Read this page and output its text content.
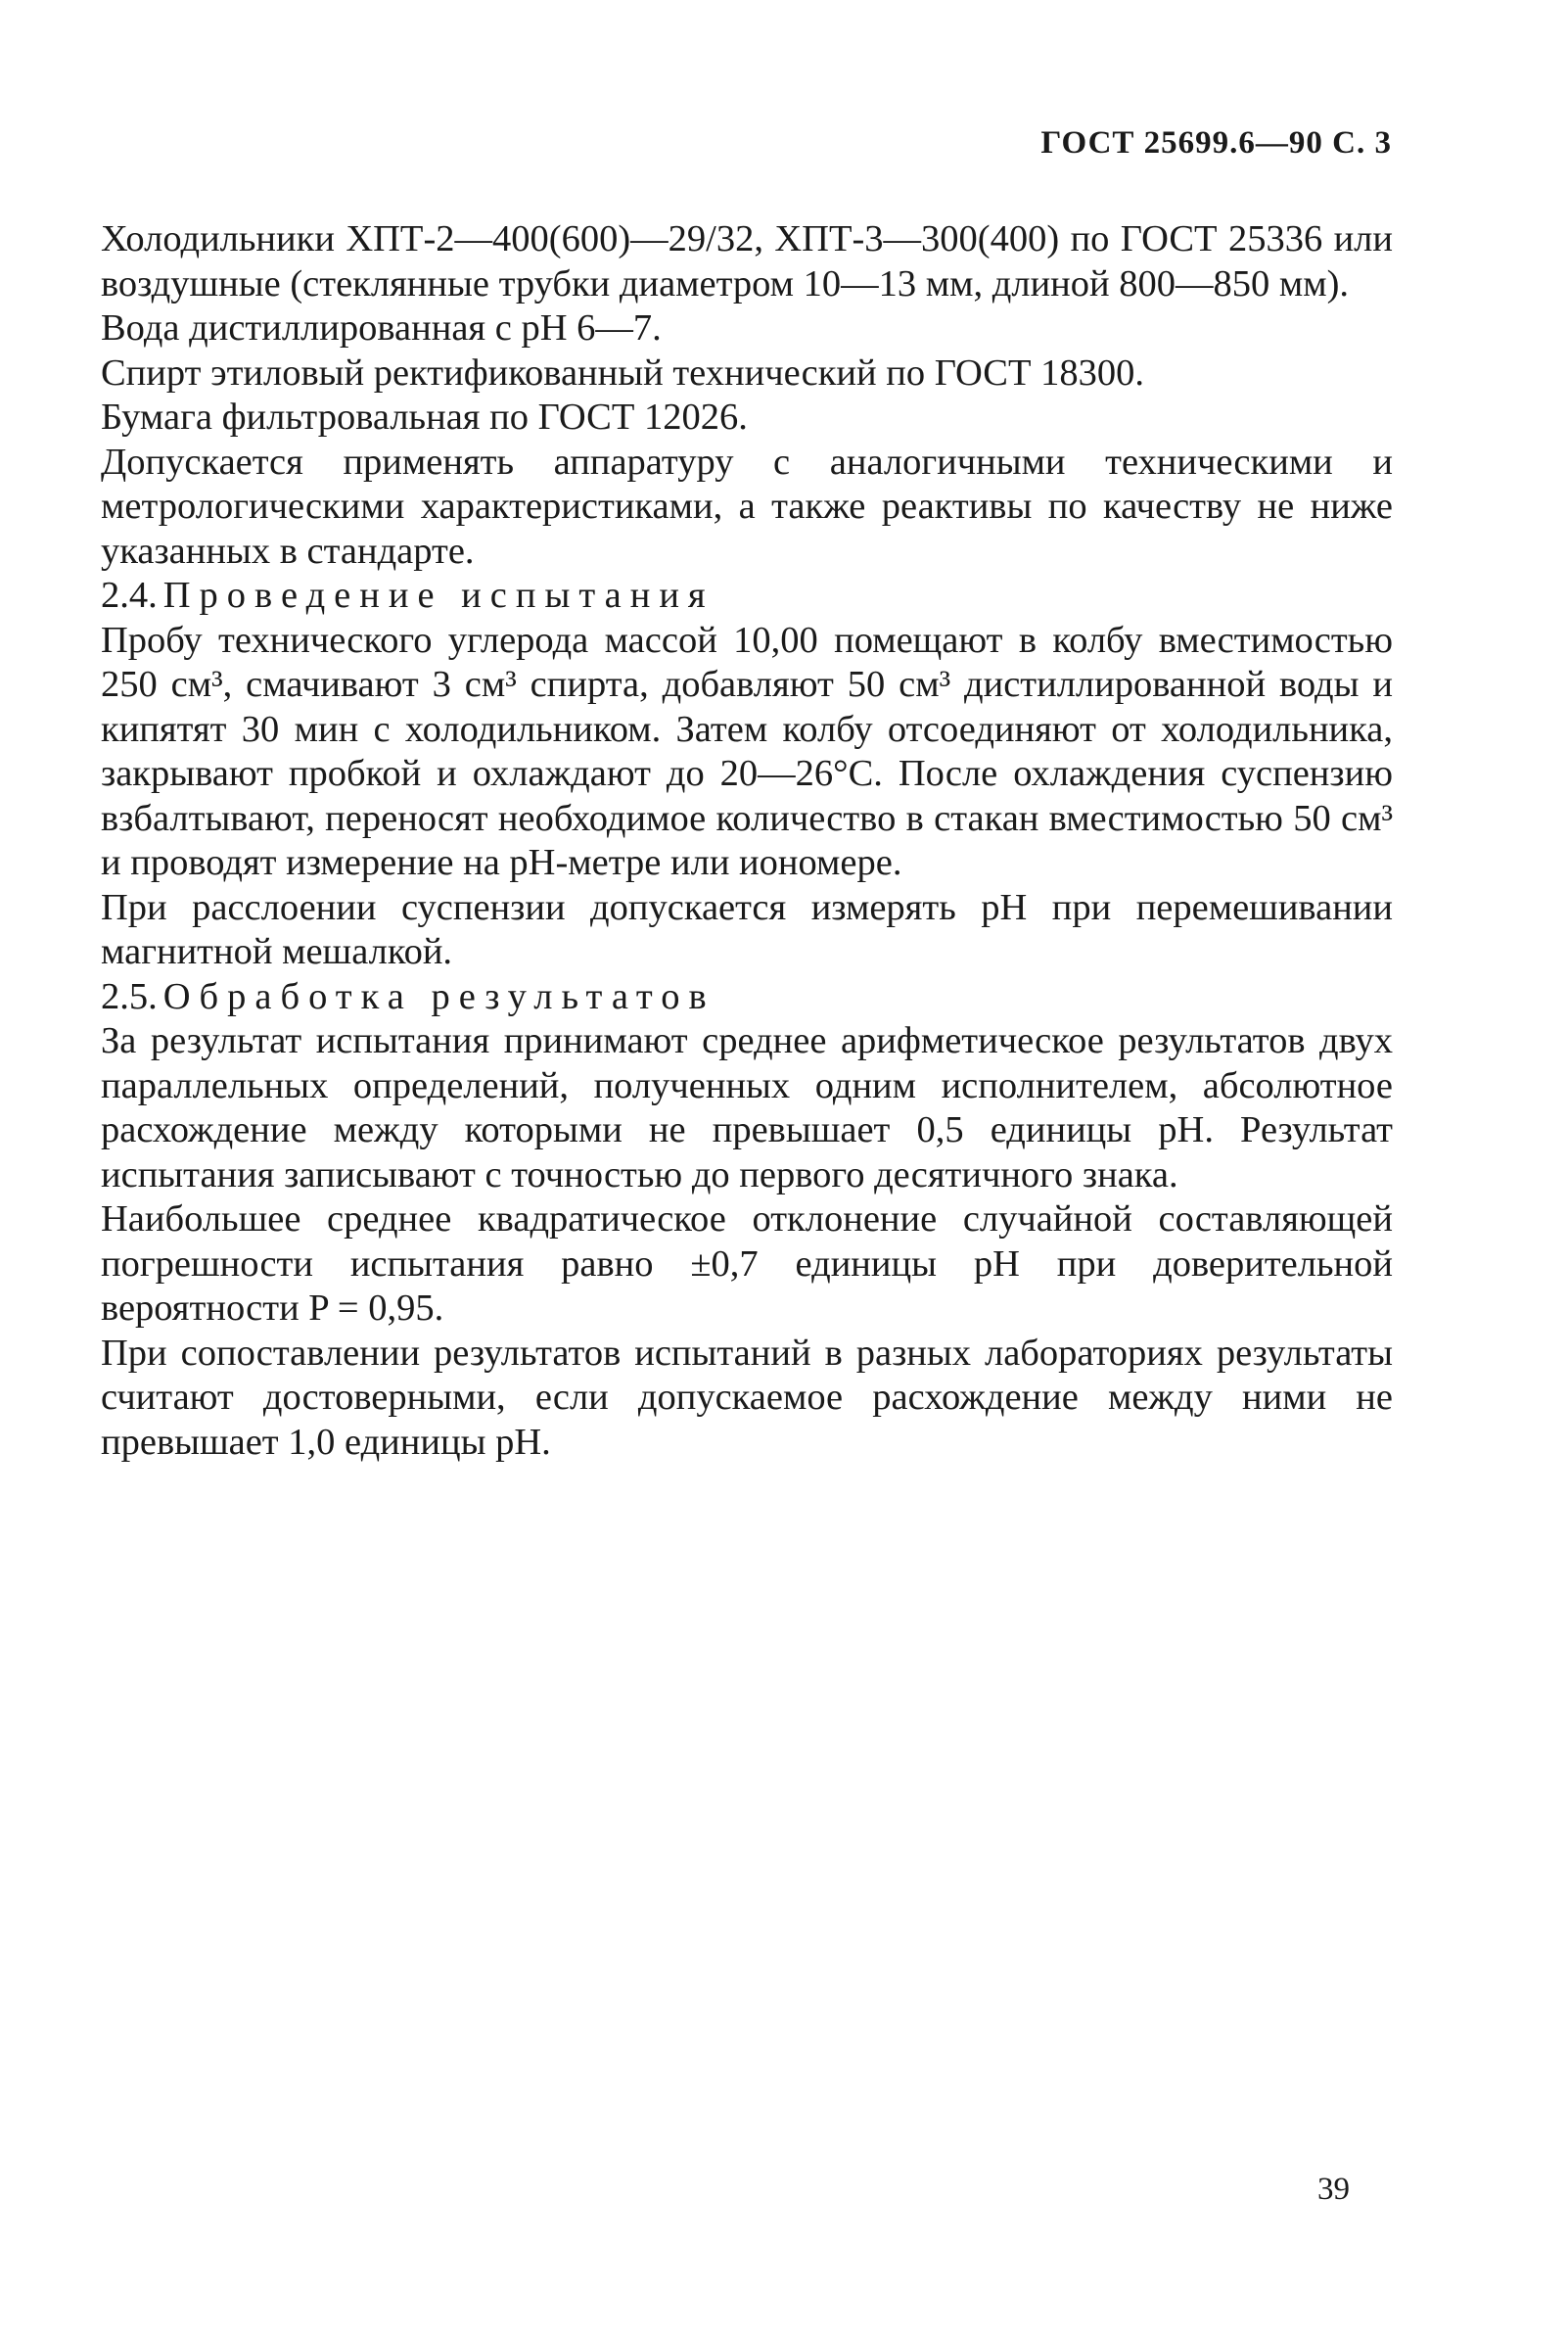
ГОСТ 25699.6—90 С. 3

Холодильники ХПТ-2—400(600)—29/32, ХПТ-3—300(400) по ГОСТ 25336 или воздушные (стеклянные трубки диаметром 10—13 мм, длиной 800—850 мм).

Вода дистиллированная с pH 6—7.

Спирт этиловый ректификованный технический по ГОСТ 18300.

Бумага фильтровальная по ГОСТ 12026.

Допускается применять аппаратуру с аналогичными техническими и метрологическими характеристиками, а также реактивы по качеству не ниже указанных в стандарте.

2.4. Проведение испытания

Пробу технического углерода массой 10,00 помещают в колбу вместимостью 250 см³, смачивают 3 см³ спирта, добавляют 50 см³ дистиллированной воды и кипятят 30 мин с холодильником. Затем колбу отсоединяют от холодильника, закрывают пробкой и охлаждают до 20—26°С. После охлаждения суспензию взбалтывают, переносят необходимое количество в стакан вместимостью 50 см³ и проводят измерение на pH-метре или иономере.

При расслоении суспензии допускается измерять pH при перемешивании магнитной мешалкой.

2.5. Обработка результатов

За результат испытания принимают среднее арифметическое результатов двух параллельных определений, полученных одним исполнителем, абсолютное расхождение между которыми не превышает 0,5 единицы pH. Результат испытания записывают с точностью до первого десятичного знака.

Наибольшее среднее квадратическое отклонение случайной составляющей погрешности испытания равно ±0,7 единицы pH при доверительной вероятности P = 0,95.

При сопоставлении результатов испытаний в разных лабораториях результаты считают достоверными, если допускаемое расхождение между ними не превышает 1,0 единицы pH.

39
